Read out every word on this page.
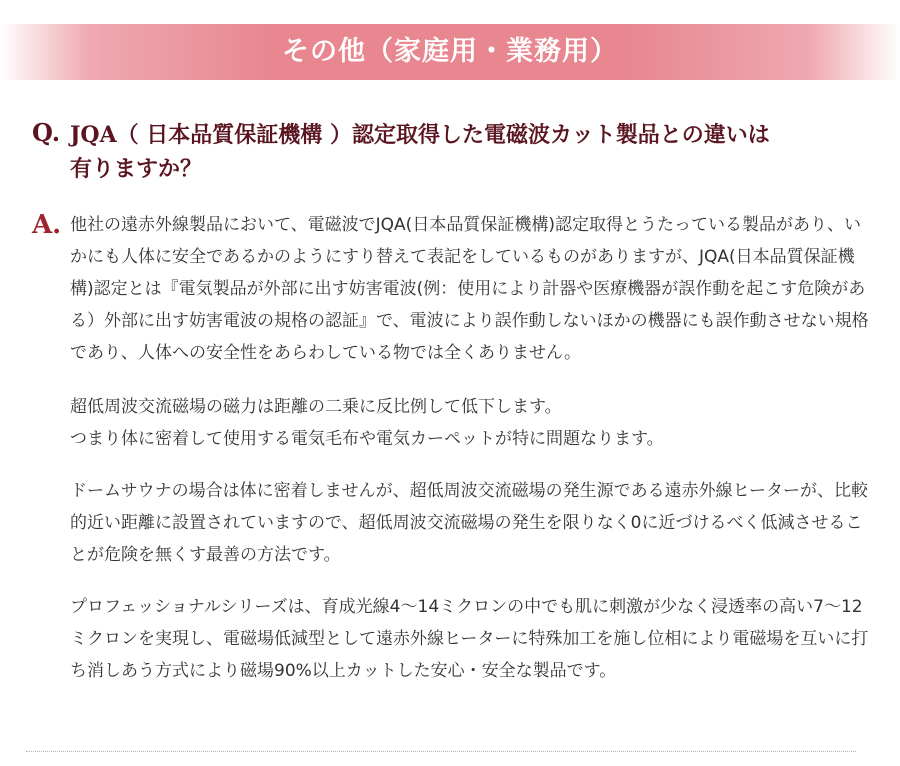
その他（家庭用・業務用）
Q. JQA（ 日本品質保証機構 ）認定取得した電磁波カット製品との違いは
有りますか？
A. 他社の遠赤外線製品において、電磁波でJQA(日本品質保証機構)認定取得とうたっている製品があり、いかにも人体に安全であるかのようにすり替えて表記をしているものがありますが、JQA(日本品質保証機構)認定とは『電気製品が外部に出す妨害電波(例：使用により計器や医療機器が誤作動を起こす危険がある）外部に出す妨害電波の規格の認証』で、電波により誤作動しないほかの機器にも誤作動させない規格であり、人体への安全性をあらわしている物では全くありません。

超低周波交流磁場の磁力は距離の二乗に反比例して低下します。
つまり体に密着して使用する電気毛布や電気カーペットが特に問題なります。

ドームサウナの場合は体に密着しませんが、超低周波交流磁場の発生源である遠赤外線ヒーターが、比較的近い距離に設置されていますので、超低周波交流磁場の発生を限りなく0に近づけるべく低減させることが危険を無くす最善の方法です。

プロフェッショナルシリーズは、育成光線4～14ミクロンの中でも肌に刺激が少なく浸透率の高い7～12ミクロンを実現し、電磁場低減型として遠赤外線ヒーターに特殊加工を施し位相により電磁場を互いに打ち消しあう方式により磁場90%以上カットした安心・安全な製品です。
